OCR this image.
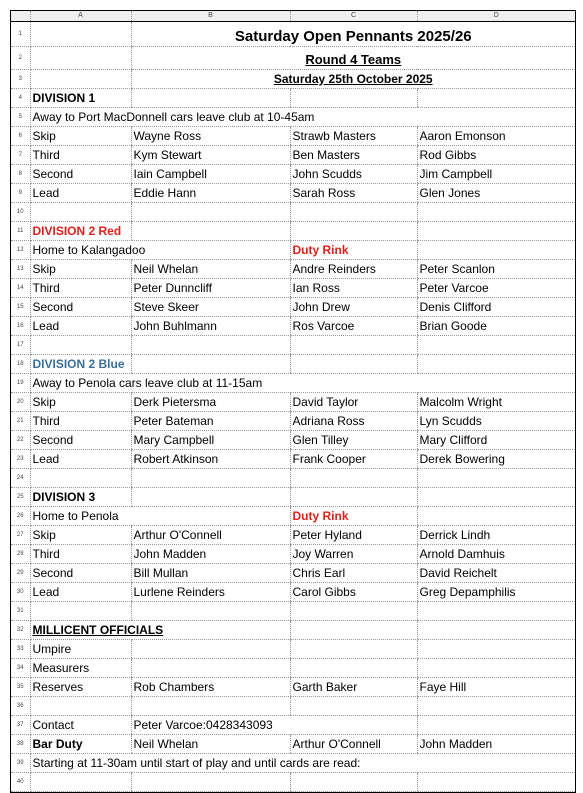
	A	B	C	D
1		Saturday Open Pennants 2025/26		
2		Round 4 Teams		
3		Saturday 25th October 2025		
4	DIVISION 1			
5	Away to Port MacDonnell cars leave club at 10-45am			
6	Skip	Wayne Ross	Strawb Masters	Aaron Emonson
7	Third	Kym Stewart	Ben Masters	Rod Gibbs
8	Second	Iain Campbell	John Scudds	Jim Campbell
9	Lead	Eddie Hann	Sarah Ross	Glen Jones
10				
11	DIVISION 2 Red			
12	Home to Kalangadoo		Duty Rink	
13	Skip	Neil Whelan	Andre Reinders	Peter Scanlon
14	Third	Peter Dunncliff	Ian Ross	Peter Varcoe
15	Second	Steve Skeer	John Drew	Denis Clifford
16	Lead	John Buhlmann	Ros Varcoe	Brian Goode
17				
18	DIVISION 2 Blue			
19	Away to Penola cars leave club at 11-15am			
20	Skip	Derk Pietersma	David Taylor	Malcolm Wright
21	Third	Peter Bateman	Adriana Ross	Lyn Scudds
22	Second	Mary Campbell	Glen Tilley	Mary Clifford
23	Lead	Robert Atkinson	Frank Cooper	Derek Bowering
24				
25	DIVISION 3			
26	Home to Penola		Duty Rink	
27	Skip	Arthur O'Connell	Peter Hyland	Derrick Lindh
28	Third	John Madden	Joy Warren	Arnold Damhuis
29	Second	Bill Mullan	Chris Earl	David Reichelt
30	Lead	Lurlene Reinders	Carol Gibbs	Greg Depamphilis
31				
32	MILLICENT OFFICIALS			
33	Umpire			
34	Measurers			
35	Reserves	Rob Chambers	Garth Baker	Faye Hill
36				
37	Contact	Peter Varcoe:0428343093		
38	Bar Duty	Neil Whelan	Arthur O'Connell	John Madden
39	Starting at 11-30am until start of play and until cards are read:			
40				
